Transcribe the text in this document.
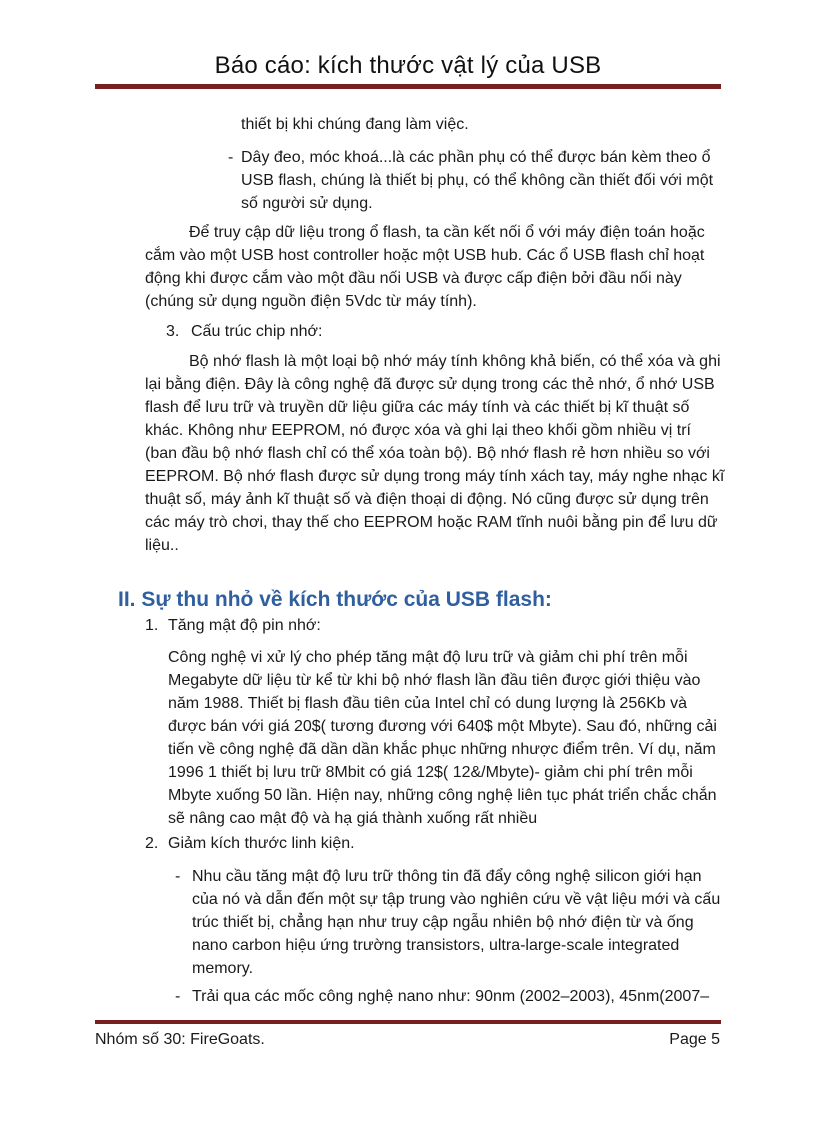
Báo cáo: kích thước vật lý của USB

thiết bị khi chúng đang làm việc.

- Dây đeo, móc khoá...là các phần phụ có thể được bán kèm theo ổ USB flash, chúng là thiết bị phụ, có thể không cần thiết đối với một số người sử dụng.

Để truy cập dữ liệu trong ổ flash, ta cần kết nối ổ với máy điện toán hoặc cắm vào một USB host controller hoặc một USB hub. Các ổ USB flash chỉ hoạt động khi được cắm vào một đầu nối USB và được cấp điện bởi đầu nối này (chúng sử dụng nguồn điện 5Vdc từ máy tính).

3. Cấu trúc chip nhớ:

Bộ nhớ flash là một loại bộ nhớ máy tính không khả biến, có thể xóa và ghi lại bằng điện. Đây là công nghệ đã được sử dụng trong các thẻ nhớ, ổ nhớ USB flash để lưu trữ và truyền dữ liệu giữa các máy tính và các thiết bị kĩ thuật số khác. Không như EEPROM, nó được xóa và ghi lại theo khối gồm nhiều vị trí (ban đầu bộ nhớ flash chỉ có thể xóa toàn bộ). Bộ nhớ flash rẻ hơn nhiều so với EEPROM. Bộ nhớ flash được sử dụng trong máy tính xách tay, máy nghe nhạc kĩ thuật số, máy ảnh kĩ thuật số và điện thoại di động. Nó cũng được sử dụng trên các máy trò chơi, thay thế cho EEPROM hoặc RAM tĩnh nuôi bằng pin để lưu dữ liệu..

II. Sự thu nhỏ về kích thước của USB flash:
1. Tăng mật độ pin nhớ:

Công nghệ vi xử lý cho phép tăng mật độ lưu trữ và giảm chi phí trên mỗi Megabyte dữ liệu từ kể từ khi bộ nhớ flash lần đầu tiên được giới thiệu vào năm 1988. Thiết bị flash đầu tiên của Intel chỉ có dung lượng là 256Kb và được bán với giá 20$( tương đương với 640$ một Mbyte). Sau đó, những cải tiến về công nghệ đã dần dần khắc phục những nhược điểm trên. Ví dụ, năm 1996 1 thiết bị lưu trữ 8Mbit có giá 12$( 12&/Mbyte)- giảm chi phí trên mỗi Mbyte xuống 50 lần. Hiện nay, những công nghệ liên tục phát triển chắc chắn sẽ nâng cao mật độ và hạ giá thành xuống rất nhiều

2. Giảm kích thước linh kiện.
- Nhu cầu tăng mật độ lưu trữ thông tin đã đẩy công nghệ silicon giới hạn của nó và dẫn đến một sự tập trung vào nghiên cứu về vật liệu mới và cấu trúc thiết bị, chẳng hạn như truy cập ngẫu nhiên bộ nhớ điện từ và ống nano carbon hiệu ứng trường transistors, ultra-large-scale integrated memory.

- Trải qua các mốc công nghệ nano như: 90nm (2002–2003), 45nm(2007–

Nhóm số 30: FireGoats.	Page 5
